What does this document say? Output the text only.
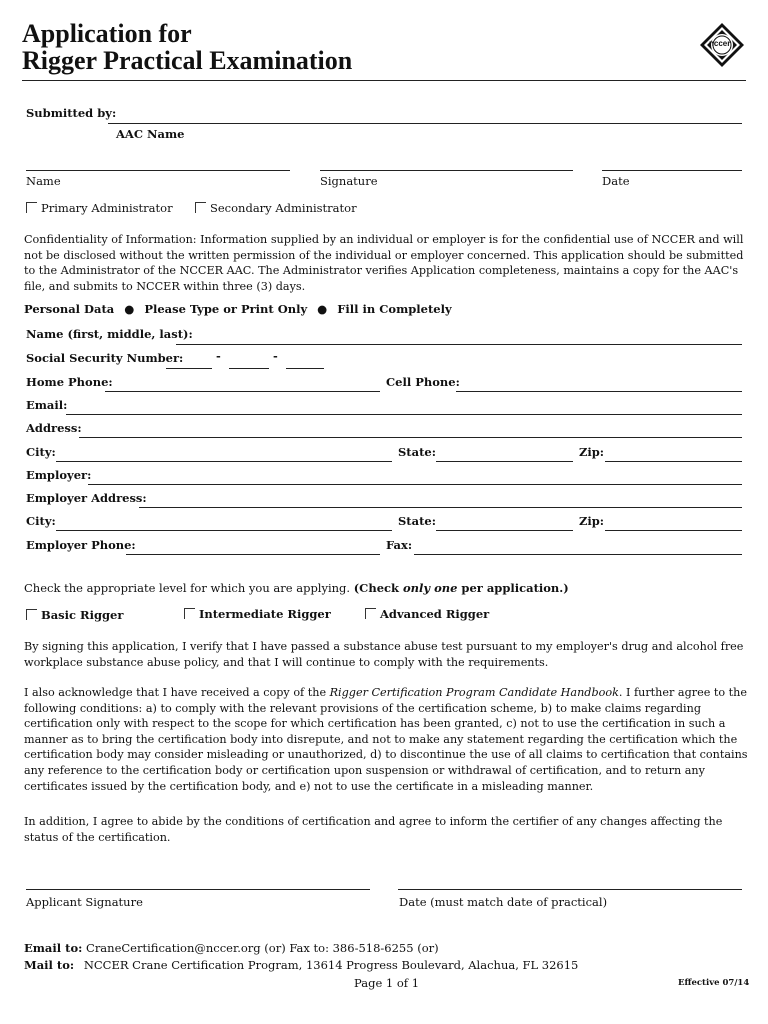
Application for
Rigger Practical Examination
nccer
Submitted by:
AAC Name
Name	Signature	Date
Primary Administrator	Secondary Administrator
Confidentiality of Information: Information supplied by an individual or employer is for the confidential use of NCCER and will not be disclosed without the written permission of the individual or employer concerned. This application should be submitted to the Administrator of the NCCER AAC. The Administrator verifies Application completeness, maintains a copy for the AAC's file, and submits to NCCER within three (3) days.
Personal Data ● Please Type or Print Only ● Fill in Completely
Name (first, middle, last):
Social Security Number:	-	-
Home Phone:	Cell Phone:
Email:
Address:
City:	State:	Zip:
Employer:
Employer Address:
City:	State:	Zip:
Employer Phone:	Fax:
Check the appropriate level for which you are applying. (Check only one per application.)
Basic Rigger	Intermediate Rigger	Advanced Rigger
By signing this application, I verify that I have passed a substance abuse test pursuant to my employer's drug and alcohol free workplace substance abuse policy, and that I will continue to comply with the requirements.
I also acknowledge that I have received a copy of the Rigger Certification Program Candidate Handbook. I further agree to the following conditions: a) to comply with the relevant provisions of the certification scheme, b) to make claims regarding certification only with respect to the scope for which certification has been granted, c) not to use the certification in such a manner as to bring the certification body into disrepute, and not to make any statement regarding the certification which the certification body may consider misleading or unauthorized, d) to discontinue the use of all claims to certification that contains any reference to the certification body or certification upon suspension or withdrawal of certification, and to return any certificates issued by the certification body, and e) not to use the certificate in a misleading manner.
In addition, I agree to abide by the conditions of certification and agree to inform the certifier of any changes affecting the status of the certification.
Applicant Signature	Date (must match date of practical)
Email to: CraneCertification@nccer.org (or) Fax to: 386-518-6255 (or)
Mail to: NCCER Crane Certification Program, 13614 Progress Boulevard, Alachua, FL 32615
Page 1 of 1	Effective 07/14
